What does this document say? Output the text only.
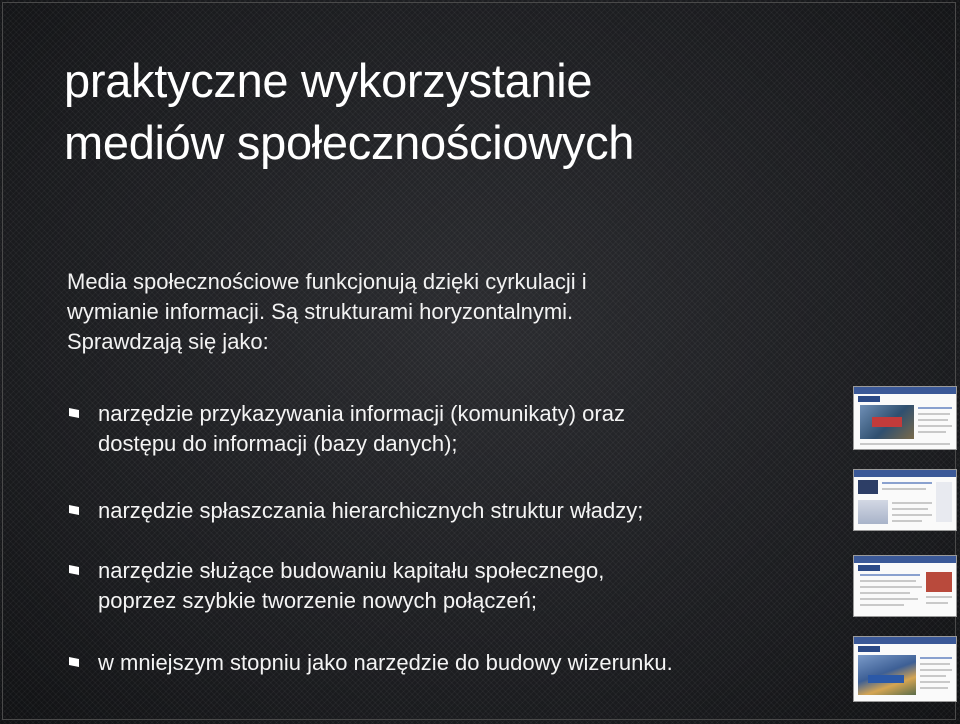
praktyczne wykorzystanie
mediów społecznościowych
Media społecznościowe funkcjonują dzięki cyrkulacji i
wymianie informacji. Są strukturami horyzontalnymi.
Sprawdzają się jako:
narzędzie przykazywania informacji (komunikaty) oraz
dostępu do informacji (bazy danych);
narzędzie spłaszczania hierarchicznych struktur władzy;
narzędzie służące budowaniu kapitału społecznego,
poprzez szybkie tworzenie nowych połączeń;
w mniejszym stopniu jako narzędzie do budowy wizerunku.
